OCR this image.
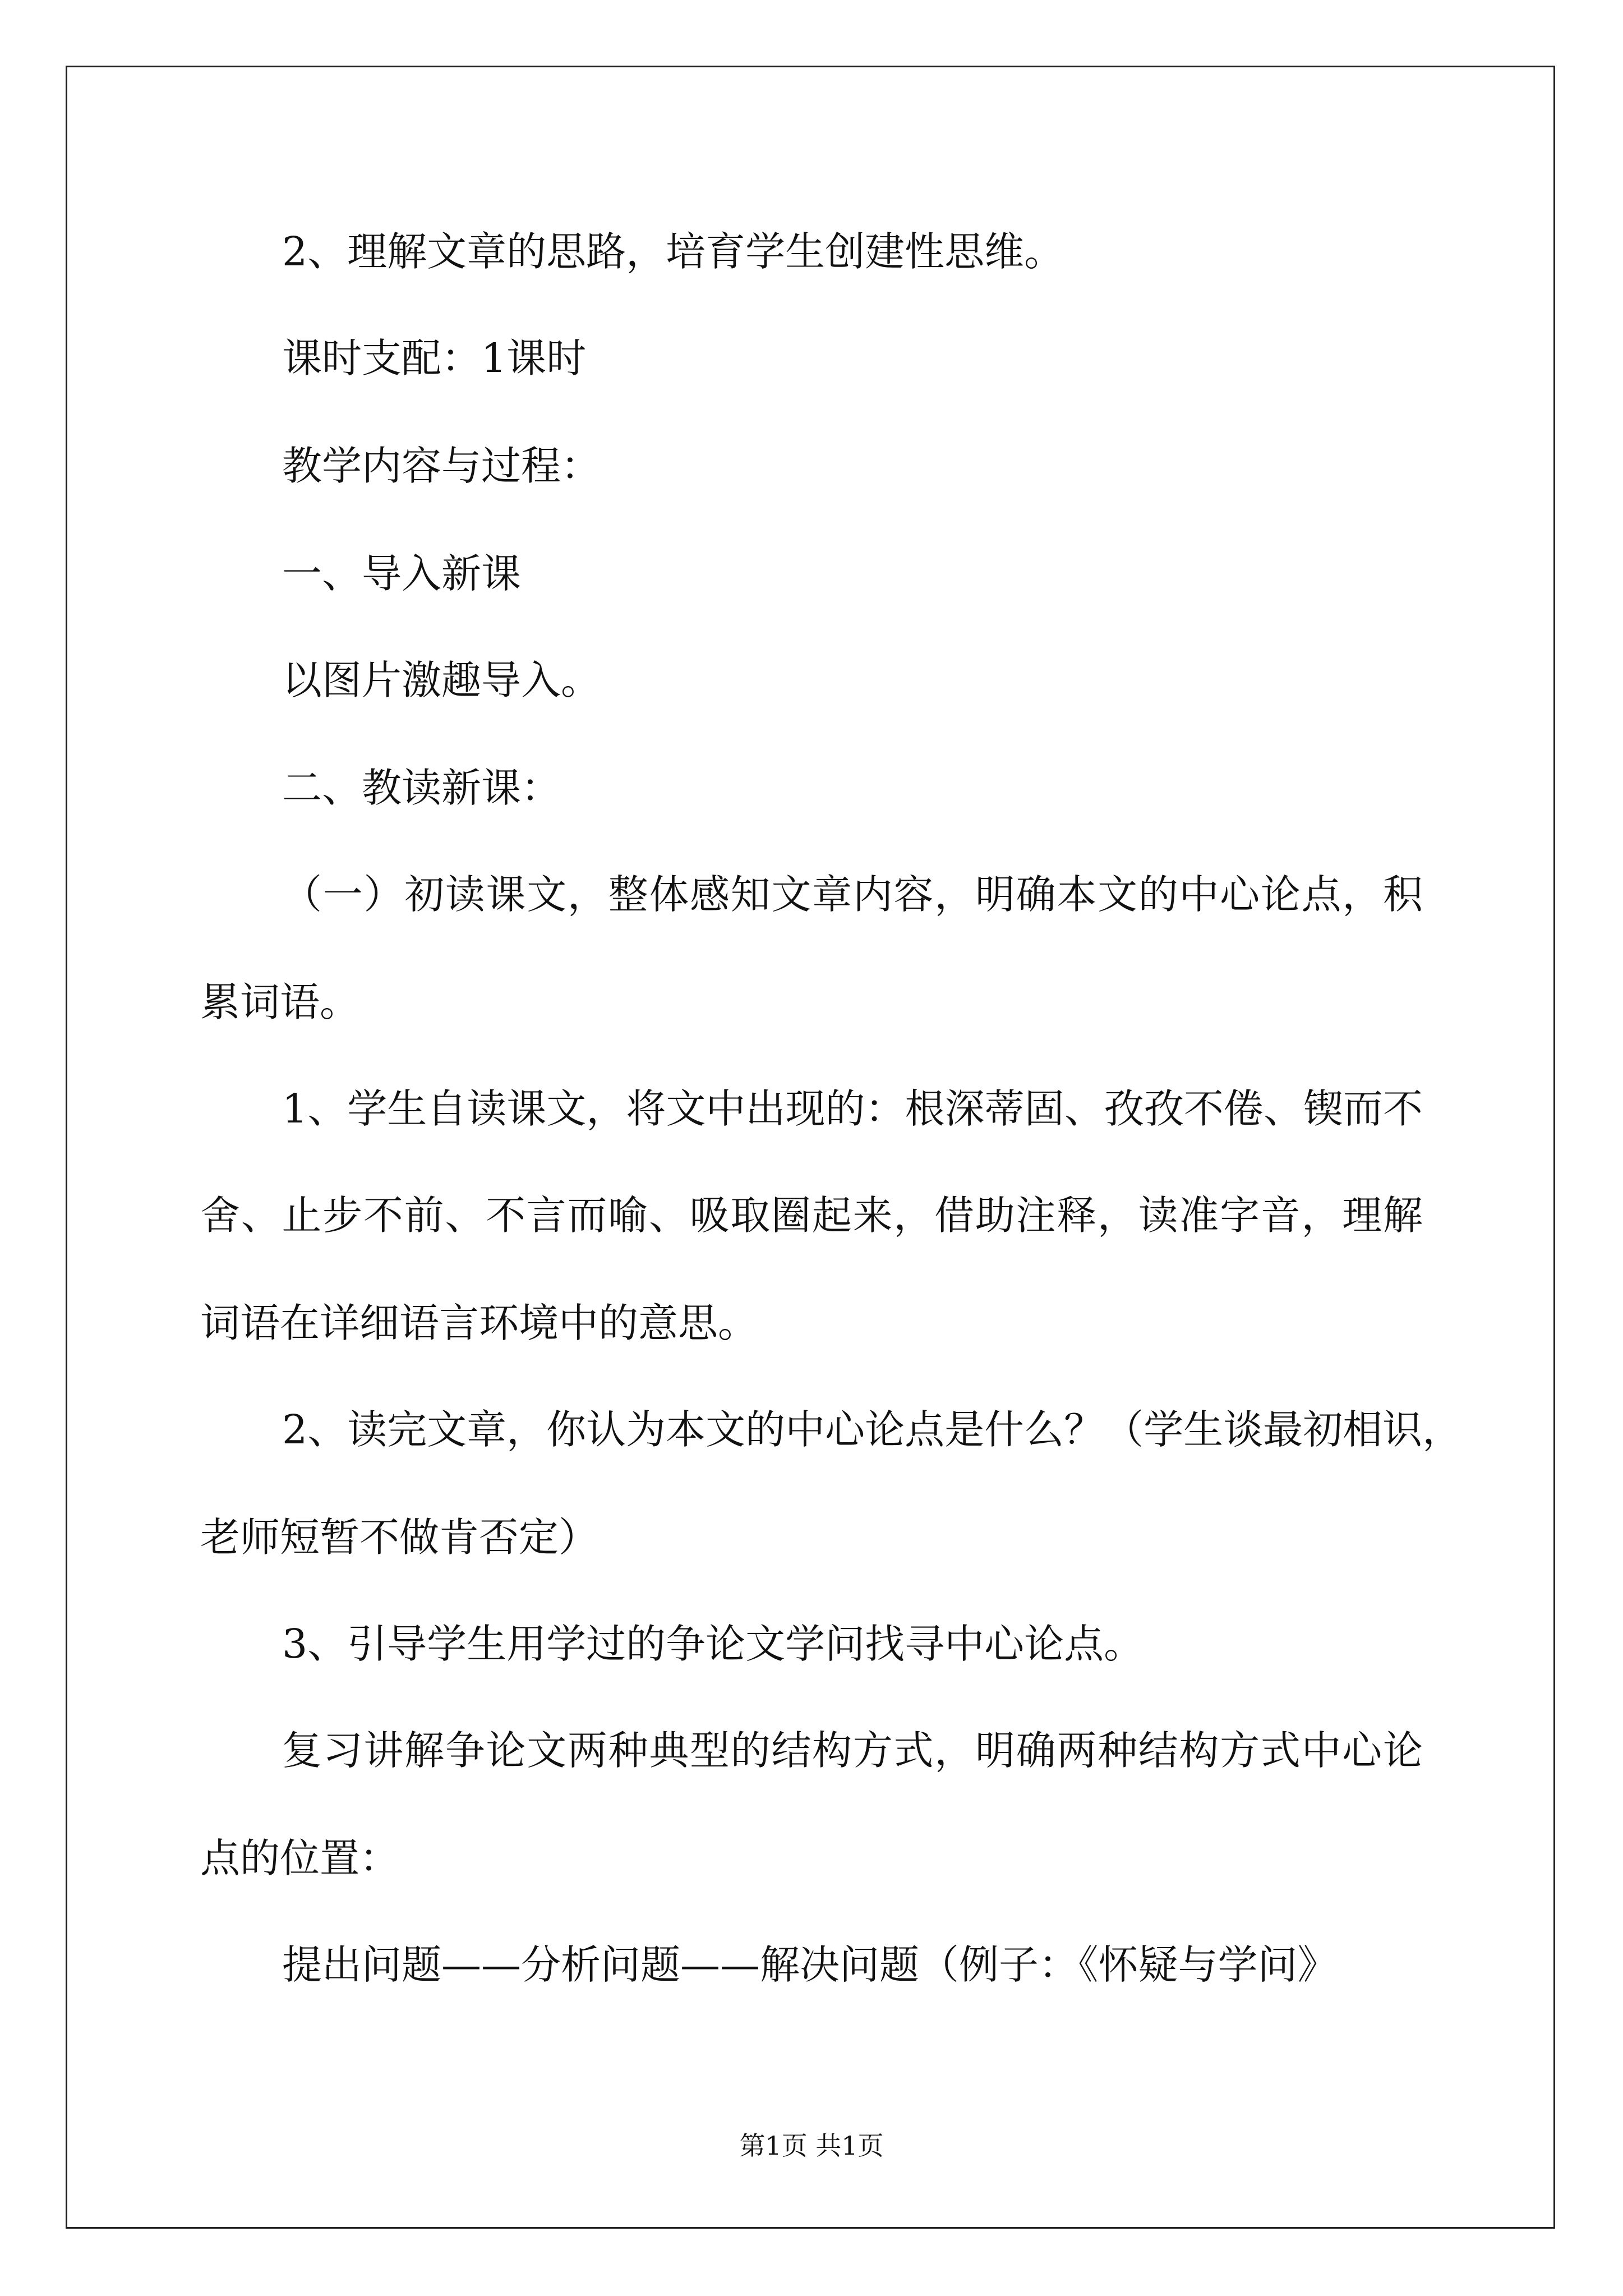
2、理解文章的思路，培育学生创建性思维。
课时支配：1课时
教学内容与过程：
一、导入新课
以图片激趣导入。
二、教读新课：
（一）初读课文，整体感知文章内容，明确本文的中心论点，积
累词语。
1、学生自读课文，将文中出现的：根深蒂固、孜孜不倦、锲而不
舍、止步不前、不言而喻、吸取圈起来，借助注释，读准字音，理解
词语在详细语言环境中的意思。
2、读完文章，你认为本文的中心论点是什么？（学生谈最初相识，
老师短暂不做肯否定）
3、引导学生用学过的争论文学问找寻中心论点。
复习讲解争论文两种典型的结构方式，明确两种结构方式中心论
点的位置：
提出问题——分析问题——解决问题（例子：《怀疑与学问》
第1页 共1页
